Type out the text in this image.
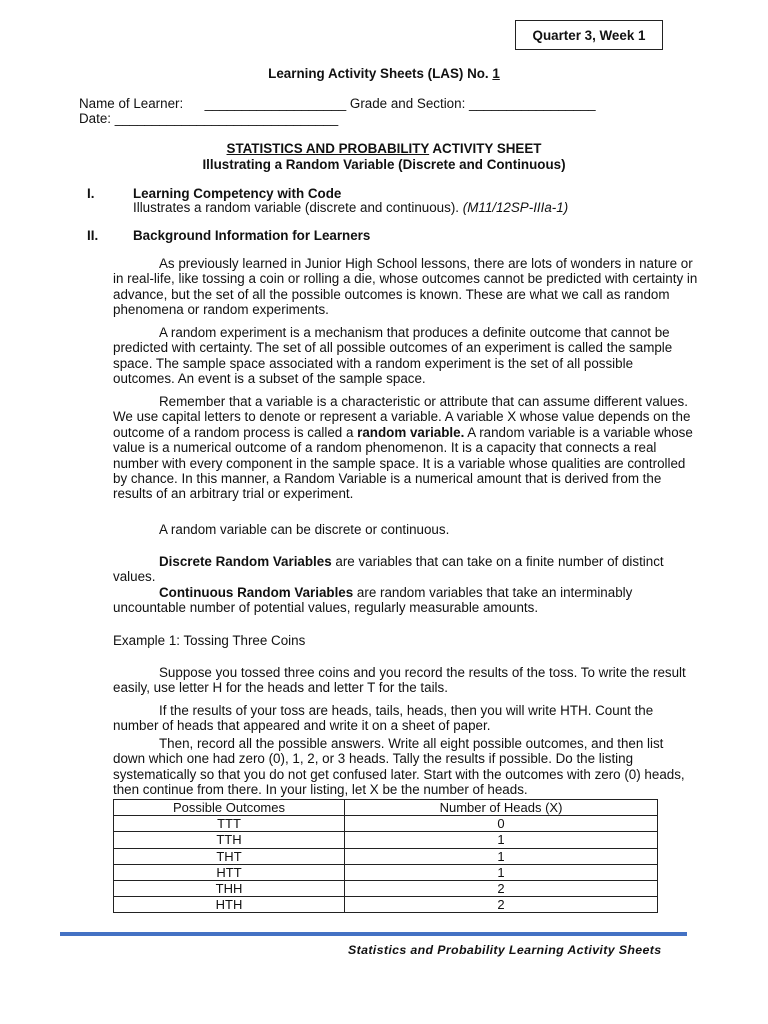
Quarter 3, Week 1
Learning Activity Sheets (LAS) No. 1
Name of Learner: ___________________ Grade and Section: _________________
Date: ______________________________
STATISTICS AND PROBABILITY ACTIVITY SHEET
Illustrating a Random Variable (Discrete and Continuous)
I.	Learning Competency with Code
Illustrates a random variable (discrete and continuous). (M11/12SP-IIIa-1)
II.	Background Information for Learners

As previously learned in Junior High School lessons, there are lots of wonders in nature or in real-life, like tossing a coin or rolling a die, whose outcomes cannot be predicted with certainty in advance, but the set of all the possible outcomes is known. These are what we call as random phenomena or random experiments.

A random experiment is a mechanism that produces a definite outcome that cannot be predicted with certainty. The set of all possible outcomes of an experiment is called the sample space. The sample space associated with a random experiment is the set of all possible outcomes. An event is a subset of the sample space.

Remember that a variable is a characteristic or attribute that can assume different values. We use capital letters to denote or represent a variable. A variable X whose value depends on the outcome of a random process is called a random variable. A random variable is a variable whose value is a numerical outcome of a random phenomenon. It is a capacity that connects a real number with every component in the sample space. It is a variable whose qualities are controlled by chance. In this manner, a Random Variable is a numerical amount that is derived from the results of an arbitrary trial or experiment.

A random variable can be discrete or continuous.

Discrete Random Variables are variables that can take on a finite number of distinct values.

Continuous Random Variables are random variables that take an interminably uncountable number of potential values, regularly measurable amounts.

Example 1: Tossing Three Coins

Suppose you tossed three coins and you record the results of the toss. To write the result easily, use letter H for the heads and letter T for the tails.

If the results of your toss are heads, tails, heads, then you will write HTH. Count the number of heads that appeared and write it on a sheet of paper.

Then, record all the possible answers. Write all eight possible outcomes, and then list down which one had zero (0), 1, 2, or 3 heads. Tally the results if possible. Do the listing systematically so that you do not get confused later. Start with the outcomes with zero (0) heads, then continue from there. In your listing, let X be the number of heads.

Possible Outcomes	Number of Heads (X)
TTT	0
TTH	1
THT	1
HTT	1
THH	2
HTH	2
Statistics and Probability Learning Activity Sheets
